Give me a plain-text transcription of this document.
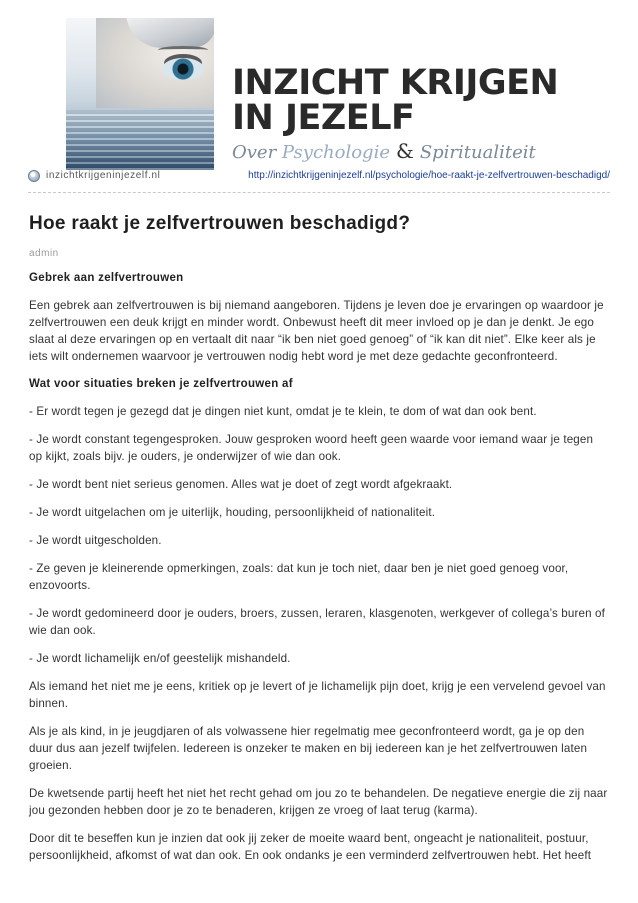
INZICHT KRIJGEN
IN JEZELF
Over Psychologie & Spiritualiteit
inzichtkrijgeninjezelf.nl	http://inzichtkrijgeninjezelf.nl/psychologie/hoe-raakt-je-zelfvertrouwen-beschadigd/
Hoe raakt je zelfvertrouwen beschadigd?
admin
Gebrek aan zelfvertrouwen

Een gebrek aan zelfvertrouwen is bij niemand aangeboren. Tijdens je leven doe je ervaringen op waardoor je zelfvertrouwen een deuk krijgt en minder wordt. Onbewust heeft dit meer invloed op je dan je denkt. Je ego slaat al deze ervaringen op en vertaalt dit naar “ik ben niet goed genoeg” of “ik kan dit niet”. Elke keer als je iets wilt ondernemen waarvoor je vertrouwen nodig hebt word je met deze gedachte geconfronteerd.

Wat voor situaties breken je zelfvertrouwen af

- Er wordt tegen je gezegd dat je dingen niet kunt, omdat je te klein, te dom of wat dan ook bent.

- Je wordt constant tegengesproken. Jouw gesproken woord heeft geen waarde voor iemand waar je tegen op kijkt, zoals bijv. je ouders, je onderwijzer of wie dan ook.

- Je wordt bent niet serieus genomen. Alles wat je doet of zegt wordt afgekraakt.

- Je wordt uitgelachen om je uiterlijk, houding, persoonlijkheid of nationaliteit.

- Je wordt uitgescholden.

- Ze geven je kleinerende opmerkingen, zoals: dat kun je toch niet, daar ben je niet goed genoeg voor, enzovoorts.

- Je wordt gedomineerd door je ouders, broers, zussen, leraren, klasgenoten, werkgever of collega’s buren of wie dan ook.

- Je wordt lichamelijk en/of geestelijk mishandeld.

Als iemand het niet me je eens, kritiek op je levert of je lichamelijk pijn doet, krijg je een vervelend gevoel van binnen.

Als je als kind, in je jeugdjaren of als volwassene hier regelmatig mee geconfronteerd wordt, ga je op den duur dus aan jezelf twijfelen. Iedereen is onzeker te maken en bij iedereen kan je het zelfvertrouwen laten groeien.

De kwetsende partij heeft het niet het recht gehad om jou zo te behandelen. De negatieve energie die zij naar jou gezonden hebben door je zo te benaderen, krijgen ze vroeg of laat terug (karma).

Door dit te beseffen kun je inzien dat ook jij zeker de moeite waard bent, ongeacht je nationaliteit, postuur, persoonlijkheid, afkomst of wat dan ook. En ook ondanks je een verminderd zelfvertrouwen hebt. Het heeft
